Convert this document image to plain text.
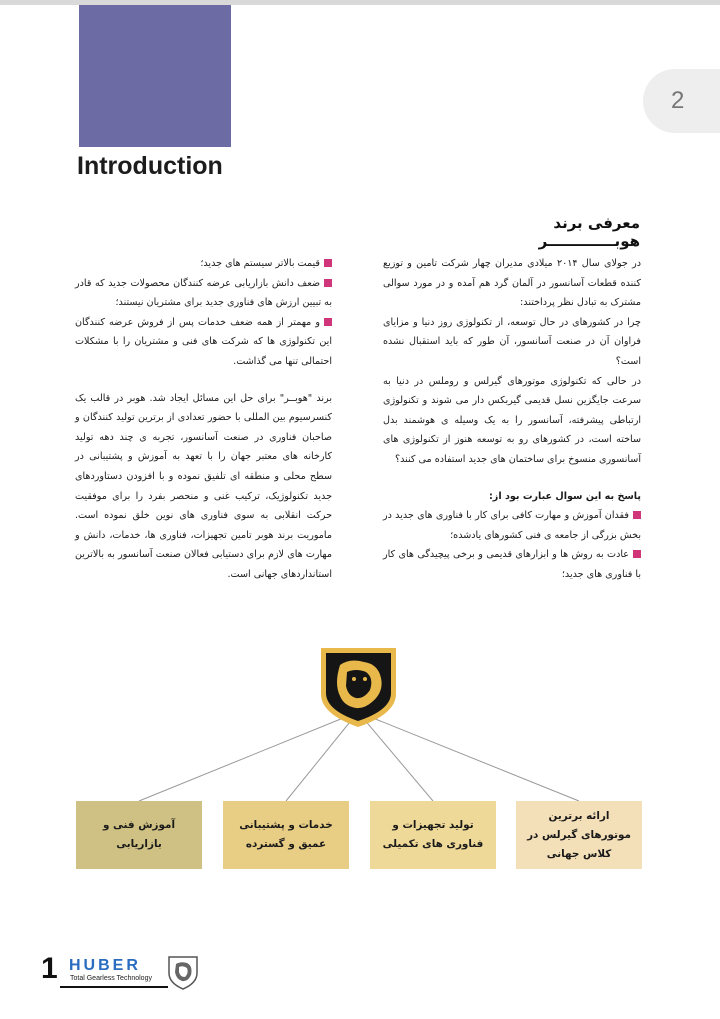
2
Introduction
معرفی برند هوبـــــــــــــر

در جولای سال ۲۰۱۴ میلادی مدیران چهار شرکت تامین و توزیع کننده قطعات آسانسور در آلمان گرد هم آمده و در مورد سوالی مشترک به تبادل نظر پرداختند:

چرا در کشورهای در حال توسعه، از تکنولوژی روز دنیا و مزایای فراوان آن در صنعت آسانسور، آن طور که باید استقبال نشده است؟

در حالی که تکنولوژی موتورهای گیرلس و روملس در دنیا به سرعت جایگزین نسل قدیمی گیربکس دار می شوند و تکنولوژی ارتباطی پیشرفته، آسانسور را به یک وسیله ی هوشمند بدل ساخته است، در کشورهای رو به توسعه هنوز از تکنولوژی های آسانسوری منسوخ برای ساختمان های جدید استفاده می کنند؟

پاسخ به این سوال عبارت بود از:

فقدان آموزش و مهارت کافی برای کار با فناوری های جدید در بخش بزرگی از جامعه ی فنی کشورهای یادشده؛

عادت به روش ها و ابزارهای قدیمی و برخی پیچیدگی های کار با فناوری های جدید؛

قیمت بالاتر سیستم های جدید؛

ضعف دانش بازاریابی عرضه کنندگان محصولات جدید که قادر به تبیین ارزش های فناوری جدید برای مشتریان نیستند؛

و مهمتر از همه ضعف خدمات پس از فروش عرضه کنندگان این تکنولوژی ها که شرکت های فنی و مشتریان را با مشکلات احتمالی تنها می گذاشت.

برند "هوبــر" برای حل این مسائل ایجاد شد. هوبر در قالب یک کنسرسیوم بین المللی با حضور تعدادی از برترین تولید کنندگان و صاحبان فناوری در صنعت آسانسور، تجربه ی چند دهه تولید کارخانه های معتبر جهان را با تعهد به آموزش و پشتیبانی در سطح محلی و منطقه ای تلفیق نموده و با افزودن دستاوردهای جدید تکنولوژیک، ترکیب غنی و منحصر بفرد را برای موفقیت حرکت انقلابی به سوی فناوری های نوین خلق نموده است. ماموریت برند هوبر تامین تجهیزات، فناوری ها، خدمات، دانش و مهارت های لازم برای دستیابی فعالان صنعت آسانسور به بالاترین استانداردهای جهانی است.

آموزش فنی و بازاریابی
خدمات و پشتیبانی عمیق و گسترده
تولید تجهیزات و فناوری های تکمیلی
ارائه برترین موتورهای گیرلس در کلاس جهانی
1 HUBER
Total Gearless Technology
